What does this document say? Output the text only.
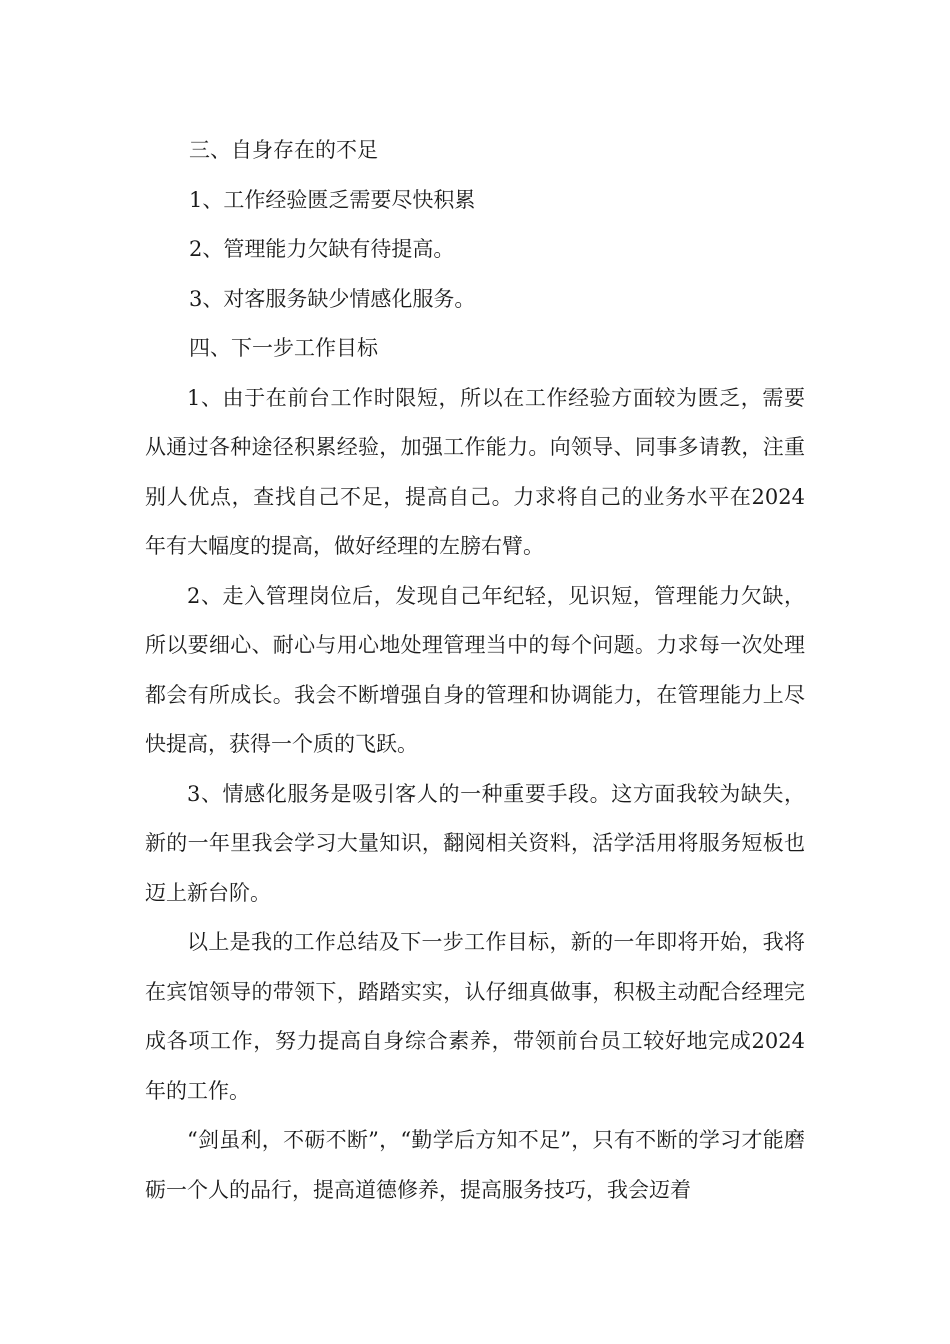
三、自身存在的不足
1、工作经验匮乏需要尽快积累
2、管理能力欠缺有待提高。
3、对客服务缺少情感化服务。
四、下一步工作目标

1、由于在前台工作时限短，所以在工作经验方面较为匮乏，需要从通过各种途径积累经验，加强工作能力。向领导、同事多请教，注重别人优点，查找自己不足，提高自己。力求将自己的业务水平在2024年有大幅度的提高，做好经理的左膀右臂。

2、走入管理岗位后，发现自己年纪轻，见识短，管理能力欠缺，所以要细心、耐心与用心地处理管理当中的每个问题。力求每一次处理都会有所成长。我会不断增强自身的管理和协调能力，在管理能力上尽快提高，获得一个质的飞跃。

3、情感化服务是吸引客人的一种重要手段。这方面我较为缺失，新的一年里我会学习大量知识，翻阅相关资料，活学活用将服务短板也迈上新台阶。

以上是我的工作总结及下一步工作目标，新的一年即将开始，我将在宾馆领导的带领下，踏踏实实，认仔细真做事，积极主动配合经理完成各项工作，努力提高自身综合素养，带领前台员工较好地完成2024年的工作。

“剑虽利，不砺不断”，“勤学后方知不足”，只有不断的学习才能磨砺一个人的品行，提高道德修养，提高服务技巧，我会迈着
